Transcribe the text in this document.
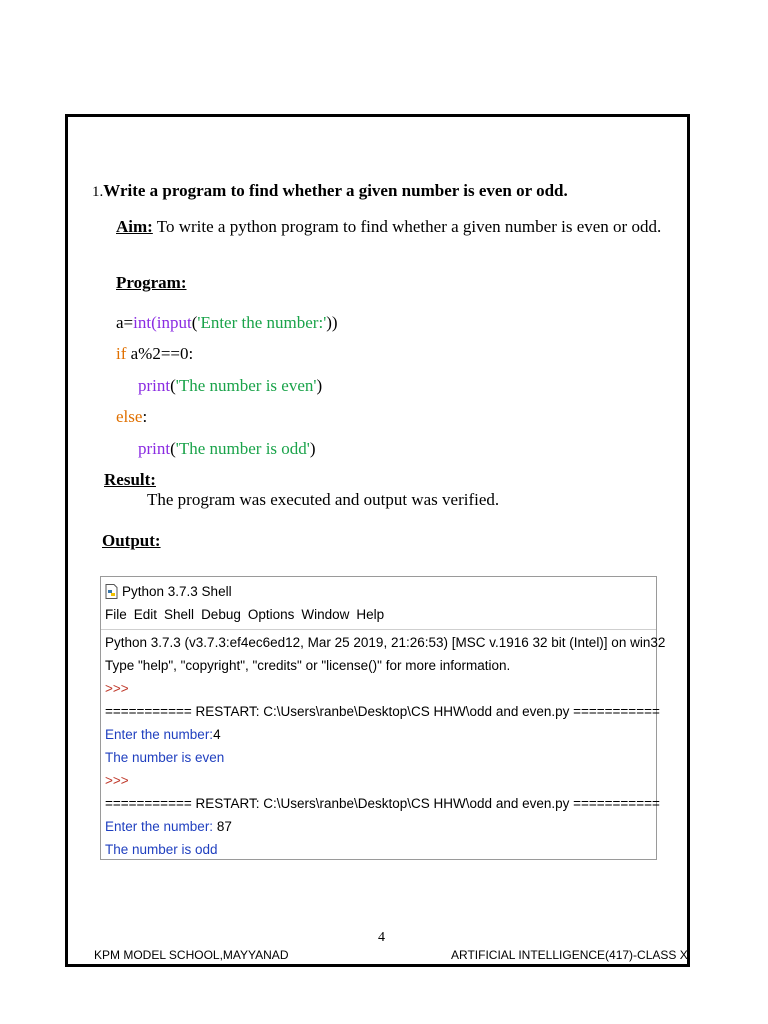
1.Write a program to find whether a given number is even or odd.
Aim: To write a python program to find whether a given number is even or odd.
Program:
a=int(input('Enter the number:'))
if a%2==0:
print('The number is even')
else:
print('The number is odd')
Result:
The program was executed and output was verified.
Output:
Python 3.7.3 Shell
File Edit Shell Debug Options Window Help
Python 3.7.3 (v3.7.3:ef4ec6ed12, Mar 25 2019, 21:26:53) [MSC v.1916 32 bit (Intel)] on win32
Type "help", "copyright", "credits" or "license()" for more information.
>>>
=========== RESTART: C:\Users\ranbe\Desktop\CS HHW\odd and even.py ===========
Enter the number:4
The number is even
>>>
=========== RESTART: C:\Users\ranbe\Desktop\CS HHW\odd and even.py ===========
Enter the number: 87
The number is odd
4
KPM MODEL SCHOOL,MAYYANAD	ARTIFICIAL INTELLIGENCE(417)-CLASS X
